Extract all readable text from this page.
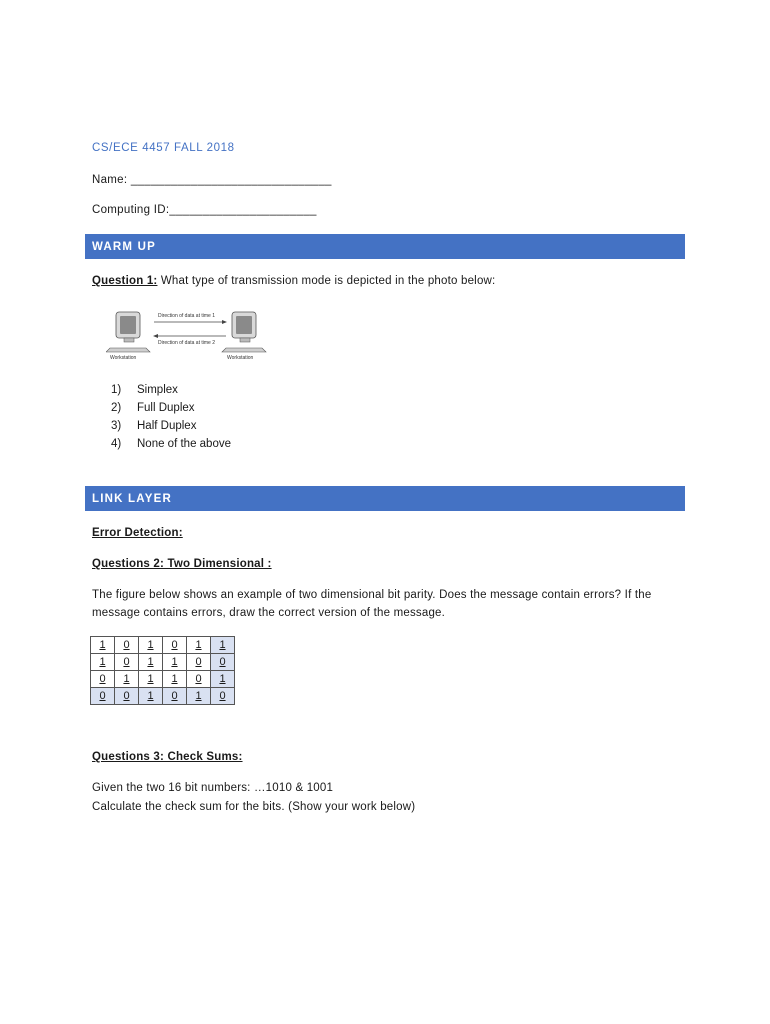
CS/ECE 4457 FALL 2018
Name: ______________________________
Computing ID:______________________
WARM UP
Question 1: What type of transmission mode is depicted in the photo below:
Direction of data at time 1
Direction of data at time 2
Workstation	Workstation
1) Simplex
2) Full Duplex
3) Half Duplex
4) None of the above
LINK LAYER
Error Detection:
Questions 2: Two Dimensional :
The figure below shows an example of two dimensional bit parity. Does the message contain errors? If the
message contains errors, draw the correct version of the message.
1	0	1	0	1	1
1	0	1	1	0	0
0	1	1	1	0	1
0	0	1	0	1	0
Questions 3: Check Sums:
Given the two 16 bit numbers: …1010 & 1001
Calculate the check sum for the bits. (Show your work below)
